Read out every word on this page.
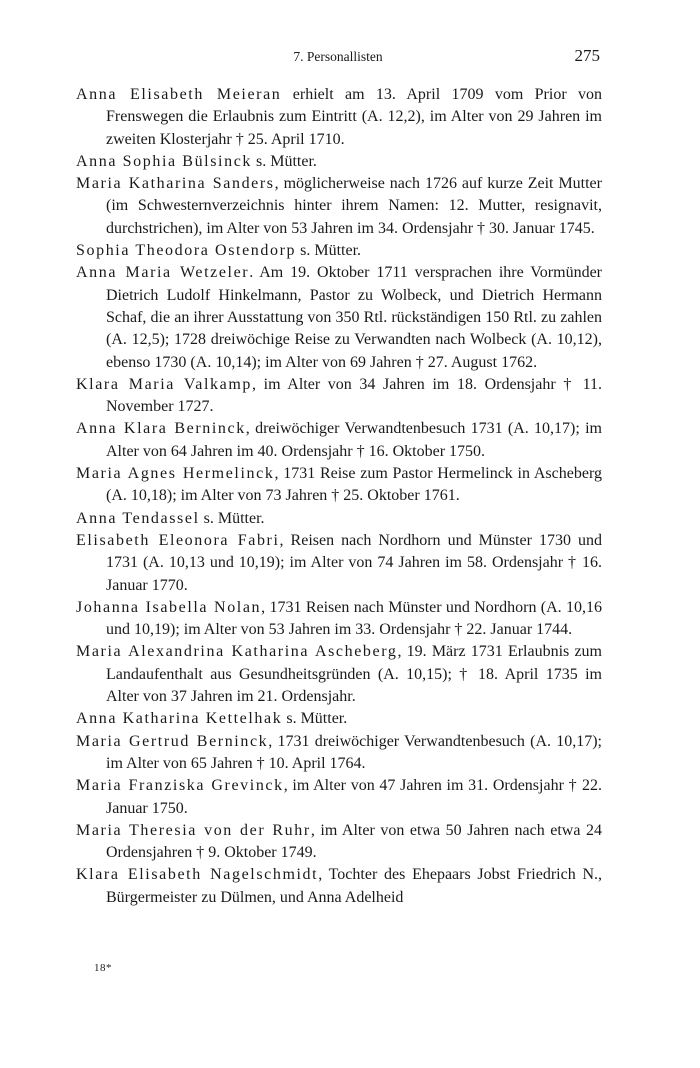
7. Personallisten	275

Anna Elisabeth Meieran erhielt am 13. April 1709 vom Prior von Frenswegen die Erlaubnis zum Eintritt (A. 12,2), im Alter von 29 Jahren im zweiten Klosterjahr † 25. April 1710.

Anna Sophia Bülsinck s. Mütter.

Maria Katharina Sanders, möglicherweise nach 1726 auf kurze Zeit Mutter (im Schwesternverzeichnis hinter ihrem Namen: 12. Mutter, resignavit, durchstrichen), im Alter von 53 Jahren im 34. Ordensjahr † 30. Januar 1745.

Sophia Theodora Ostendorp s. Mütter.

Anna Maria Wetzeler. Am 19. Oktober 1711 versprachen ihre Vormünder Dietrich Ludolf Hinkelmann, Pastor zu Wolbeck, und Dietrich Hermann Schaf, die an ihrer Ausstattung von 350 Rtl. rückständigen 150 Rtl. zu zahlen (A. 12,5); 1728 dreiwöchige Reise zu Verwandten nach Wolbeck (A. 10,12), ebenso 1730 (A. 10,14); im Alter von 69 Jahren † 27. August 1762.

Klara Maria Valkamp, im Alter von 34 Jahren im 18. Ordensjahr † 11. November 1727.

Anna Klara Berninck, dreiwöchiger Verwandtenbesuch 1731 (A. 10,17); im Alter von 64 Jahren im 40. Ordensjahr † 16. Oktober 1750.

Maria Agnes Hermelinck, 1731 Reise zum Pastor Hermelinck in Ascheberg (A. 10,18); im Alter von 73 Jahren † 25. Oktober 1761.

Anna Tendassel s. Mütter.

Elisabeth Eleonora Fabri, Reisen nach Nordhorn und Münster 1730 und 1731 (A. 10,13 und 10,19); im Alter von 74 Jahren im 58. Ordensjahr † 16. Januar 1770.

Johanna Isabella Nolan, 1731 Reisen nach Münster und Nordhorn (A. 10,16 und 10,19); im Alter von 53 Jahren im 33. Ordensjahr † 22. Januar 1744.

Maria Alexandrina Katharina Ascheberg, 19. März 1731 Erlaubnis zum Landaufenthalt aus Gesundheitsgründen (A. 10,15); † 18. April 1735 im Alter von 37 Jahren im 21. Ordensjahr.

Anna Katharina Kettelhak s. Mütter.

Maria Gertrud Berninck, 1731 dreiwöchiger Verwandtenbesuch (A. 10,17); im Alter von 65 Jahren † 10. April 1764.

Maria Franziska Grevinck, im Alter von 47 Jahren im 31. Ordensjahr † 22. Januar 1750.

Maria Theresia von der Ruhr, im Alter von etwa 50 Jahren nach etwa 24 Ordensjahren † 9. Oktober 1749.

Klara Elisabeth Nagelschmidt, Tochter des Ehepaars Jobst Friedrich N., Bürgermeister zu Dülmen, und Anna Adelheid

18*
